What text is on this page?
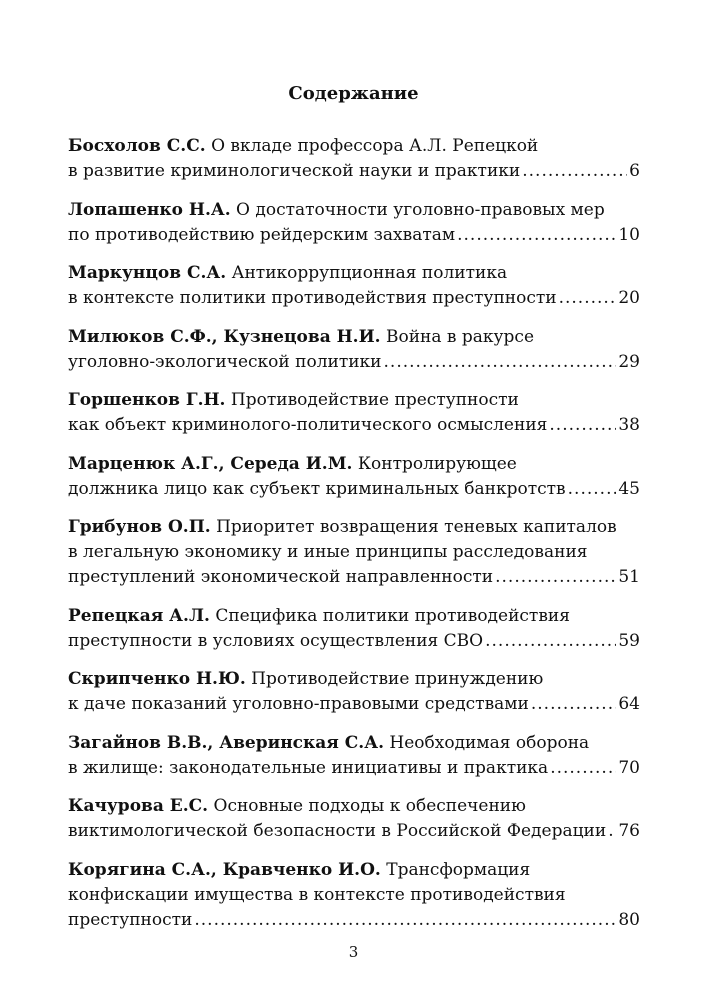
Содержание
Босхолов С.С. О вкладе профессора А.Л. Репецкой
в развитие криминологической науки и практики .....	6
Лопашенко Н.А. О достаточности уголовно-правовых мер
по противодействию рейдерским захватам .....	10
Маркунцов С.А. Антикоррупционная политика
в контексте политики противодействия преступности .....	20
Милюков С.Ф., Кузнецова Н.И. Война в ракурсе
уголовно-экологической политики .....	29
Горшенков Г.Н. Противодействие преступности
как объект криминолого-политического осмысления .....	38
Марценюк А.Г., Середа И.М. Контролирующее
должника лицо как субъект криминальных банкротств .....	45
Грибунов О.П. Приоритет возвращения теневых капиталов
в легальную экономику и иные принципы расследования
преступлений экономической направленности .....	51
Репецкая А.Л. Специфика политики противодействия
преступности в условиях осуществления СВО .....	59
Скрипченко Н.Ю. Противодействие принуждению
к даче показаний уголовно-правовыми средствами .....	64
Загайнов В.В., Аверинская С.А. Необходимая оборона
в жилище: законодательные инициативы и практика .....	70
Качурова Е.С. Основные подходы к обеспечению
виктимологической безопасности в Российской Федерации ..... 76
Корягина С.А., Кравченко И.О. Трансформация
конфискации имущества в контексте противодействия
преступности .....	80
3
